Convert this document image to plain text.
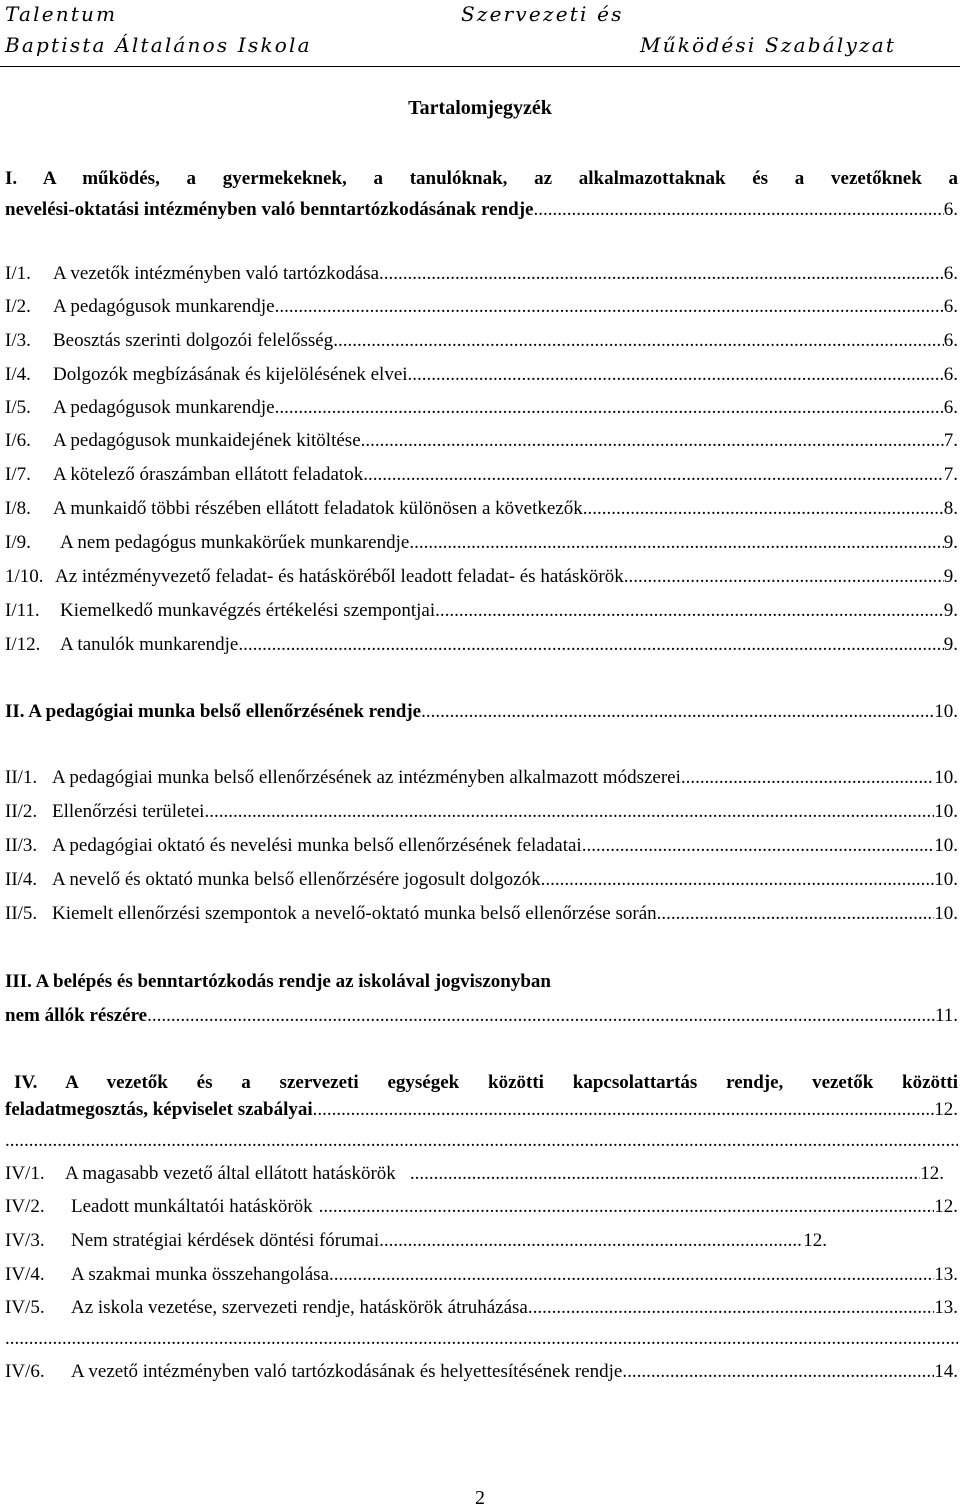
Talentum
Baptista Általános Iskola
Szervezeti és
Működési Szabályzat
Tartalomjegyzék
I. A működés, a gyermekeknek, a tanulóknak, az alkalmazottaknak és a vezetőknek a
nevelési-oktatási intézményben való benntartózkodásának rendje .....	6.
I/1. A vezetők intézményben való tartózkodása .....	6.
I/2. A pedagógusok munkarendje .....	6.
I/3. Beosztás szerinti dolgozói felelősség .....	6.
I/4. Dolgozók megbízásának és kijelölésének elvei .....	6.
I/5. A pedagógusok munkarendje .....	6.
I/6. A pedagógusok munkaidejének kitöltése .....	7.
I/7. A kötelező óraszámban ellátott feladatok .....	7.
I/8. A munkaidő többi részében ellátott feladatok különösen a következők .....	8.
I/9. A nem pedagógus munkakörűek munkarendje .....	9.
1/10. Az intézményvezető feladat- és hatásköréből leadott feladat- és hatáskörök .....	9.
I/11. Kiemelkedő munkavégzés értékelési szempontjai .....	9.
I/12. A tanulók munkarendje .....	9.
II. A pedagógiai munka belső ellenőrzésének rendje .....	10.
II/1. A pedagógiai munka belső ellenőrzésének az intézményben alkalmazott módszerei .....	10.
II/2. Ellenőrzési területei .....	10.
II/3. A pedagógiai oktató és nevelési munka belső ellenőrzésének feladatai .....	10.
II/4. A nevelő és oktató munka belső ellenőrzésére jogosult dolgozók .....	10.
II/5. Kiemelt ellenőrzési szempontok a nevelő-oktató munka belső ellenőrzése során .....	10.
III. A belépés és benntartózkodás rendje az iskolával jogviszonyban
nem állók részére .....	11.
IV. A vezetők és a szervezeti egységek közötti kapcsolattartás rendje, vezetők közötti
feladatmegosztás, képviselet szabályai .....	12.
.....
IV/1. A magasabb vezető által ellátott hatáskörök .....	12.
IV/2. Leadott munkáltatói hatáskörök .....	12.
IV/3. Nem stratégiai kérdések döntési fórumai .....	12.
IV/4. A szakmai munka összehangolása .....	13.
IV/5. Az iskola vezetése, szervezeti rendje, hatáskörök átruházása .....	13.
.....
IV/6. A vezető intézményben való tartózkodásának és helyettesítésének rendje .....	14.
2
